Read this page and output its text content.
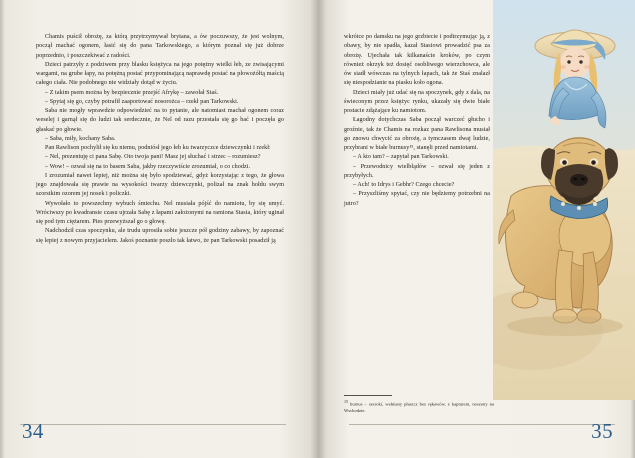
Chamis puścił obrożę, za którą przytrzymywał brytana, a ów poczuwszy, że jest wolnym, począł machać ogonem, łasić się do pana Tarkowskiego, a którym poznał się już dobrze poprzednio, i poszczekiwać z radości.

Dzieci patrzyły z podziwem przy blasku księżyca na jego potężny wielki łeb, ze zwisającymi wargami, na grube łapy, na potężną postać przypominającą naprawdę postać na płowożółtą maścią całego ciała. Nie podobnego nie widziały dotąd w życiu.

– Z takim psem można by bezpiecznie przejść Afrykę – zawołał Staś.

– Spytaj się go, czyby potrafił zaaportować nosorożca – rzekł pan Tarkowski.

Saba nie mogły wprawdzie odpowiedzieć na to pytanie, ale natomiast machał ogonem coraz weselej i garnął się do ludzi tak serdecznie, że Nel od razu przestała się go bać i poczęła go głaskać po głowie.

– Saba, miły, kochany Saba.

Pan Rawlison pochylił się ku niemu, podniósł jego łeb ku twarzyczce dziewczynki i rzekł:

– Nel, prezentuję ci pana Sabę. Oto twoja pani! Masz jej słuchać i strzec – rozumiesz?

– Wow! – ozwał się na to basem Saba, jakby rzeczywiście zrozumiał, o co chodzi.

I zrozumiał nawet lepiej, niż można się było spodziewać, gdyż korzystając z tego, że głowa jego znajdowała się prawie na wysokości twarzy dziewczynki, polizał na znak hołdu swym szorstkim ozorem jej nosek i policzki.

Wywołało to powszechny wybuch śmiechu. Nel musiała pójść do namiotu, by się umyć. Wróciwszy po kwadransie czasu ujrzała Sabę z łapami założonymi na ramiona Stasia, który uginał się pod tym ciężarem. Pies przewyższał go o głowę.

Nadchodził czas spoczynku, ale trudu uprosiła sobie jeszcze pół godziny zabawy, by zapoznać się lepiej z nowym przyjacielem. Jakoś poznanie poszło tak łatwo, że pan Tarkowski posadził ją

34

wkrótce po damsku na jego grzbiecie i podtrzymując ją, z obawy, by nie spadła, kazał Stasiowi prowadzić psa za obrożę. Ujechała tak kilkanaście kroków, po czym również okrzyk też dosięć osobliwego wierzchowca, ale ów siadł wówczas na tylnych łapach, tak że Staś znalazł się niespodzianie na piasku koło ogona.

Dzieci miały już udać się na spoczynek, gdy z dala, na świeconym przez księżyc rynku, ukazały się dwie białe postacie zdążające ku namiotom.

Łagodny dotychczas Saba począł warczeć głucho i groźnie, tak że Chamis na rozkaz pana Rawlisona musiał go znowu chwycić za obrożę, a tymczasem dwaj ludzie, przybrani w białe burnusy¹⁵, stanęli przed namiotami.

– A kto tam? – zapytał pan Tarkowski.

– Przewodnicy wielbłądów – ozwał się jeden z przybyłych.

– Ach! to Idrys i Gebhr? Czego chcecie?

– Przyszliśmy spytać, czy nie będziemy potrzebni na jutro?

$^{15}$ burnus – szeroki, wełniany płaszcz bez rękawów, z kapturem, noszony na Wschodzie.
35
